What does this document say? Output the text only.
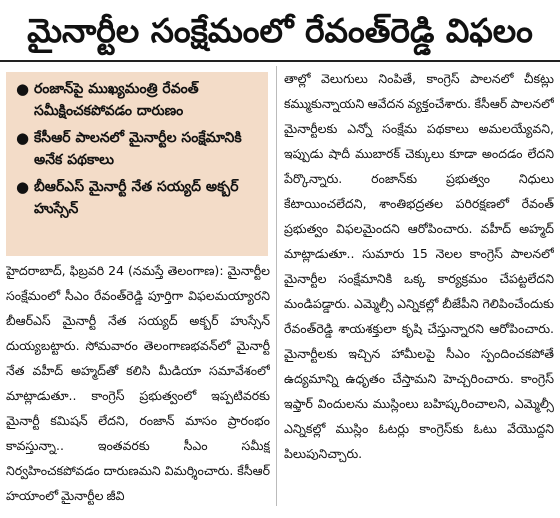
మైనార్టీల సంక్షేమంలో రేవంత్‌రెడ్డి విఫలం
● రంజాన్‌పై ముఖ్యమంత్రి రేవంత్ సమీక్షించకపోవడం దారుణం
● కేసీఆర్ పాలనలో మైనార్టీల సంక్షేమానికి అనేక పథకాలు
● బీఆర్‌ఎస్ మైనార్టీ నేత సయ్యద్ అక్బర్ హుస్సేన్
హైదరాబాద్, ఫిబ్రవరి 24 (నమస్తే తెలంగాణ): మైనార్టీల సంక్షేమంలో సీఎం రేవంత్‌రెడ్డి పూర్తిగా విఫలమయ్యారని బీఆర్‌ఎస్ మైనార్టీ నేత సయ్యద్ అక్బర్ హుస్సేన్ దుయ్యబట్టారు. సోమవారం తెలంగాణభవన్‌లో మైనార్టీ నేత వహీద్ అహ్మద్‌తో కలిసి మీడియా సమావేశంలో మాట్లాడుతూ.. కాంగ్రెస్ ప్రభుత్వంలో ఇప్పటివరకు మైనార్టీ కమిషన్ లేదని, రంజాన్ మాసం ప్రారంభం కావస్తున్నా.. ఇంతవరకు సీఎం సమీక్ష నిర్వహించకపోవడం దారుణమని విమర్శించారు. కేసీఆర్ హయాంలో మైనార్టీల జీవి
తాల్లో వెలుగులు నింపితే, కాంగ్రెస్ పాలనలో చీకట్లు కమ్ముకున్నాయని ఆవేదన వ్యక్తంచేశారు. కేసీఆర్ పాలనలో మైనార్టీలకు ఎన్నో సంక్షేమ పథకాలు అమలయ్యేవని, ఇప్పుడు షాదీ ముబారక్ చెక్కులు కూడా అందడం లేదని పేర్కొన్నారు. రంజాన్‌కు ప్రభుత్వం నిధులు కేటాయించలేదని, శాంతిభద్రతల పరిరక్షణలో రేవంత్ ప్రభుత్వం విఫలమైందని ఆరోపించారు. వహీద్ అహ్మద్ మాట్లాడుతూ.. సుమారు 15 నెలల కాంగ్రెస్ పాలనలో మైనార్టీల సంక్షేమానికి ఒక్క కార్యక్రమం చేపట్టలేదని మండిపడ్డారు. ఎమ్మెల్సీ ఎన్నికల్లో బీజేపీని గెలిపించేందుకు రేవంత్‌రెడ్డి శాయశక్తులా కృషి చేస్తున్నారని ఆరోపించారు. మైనార్టీలకు ఇచ్చిన హామీలపై సీఎం స్పందించకపోతే ఉద్యమాన్ని ఉధృతం చేస్తామని హెచ్చరించారు. కాంగ్రెస్ ఇఫ్తార్ విందులను ముస్లింలు బహిష్కరించాలని, ఎమ్మెల్సీ ఎన్నికల్లో ముస్లిం ఓటర్లు కాంగ్రెస్‌కు ఓటు వేయొద్దని పిలుపునిచ్చారు.
